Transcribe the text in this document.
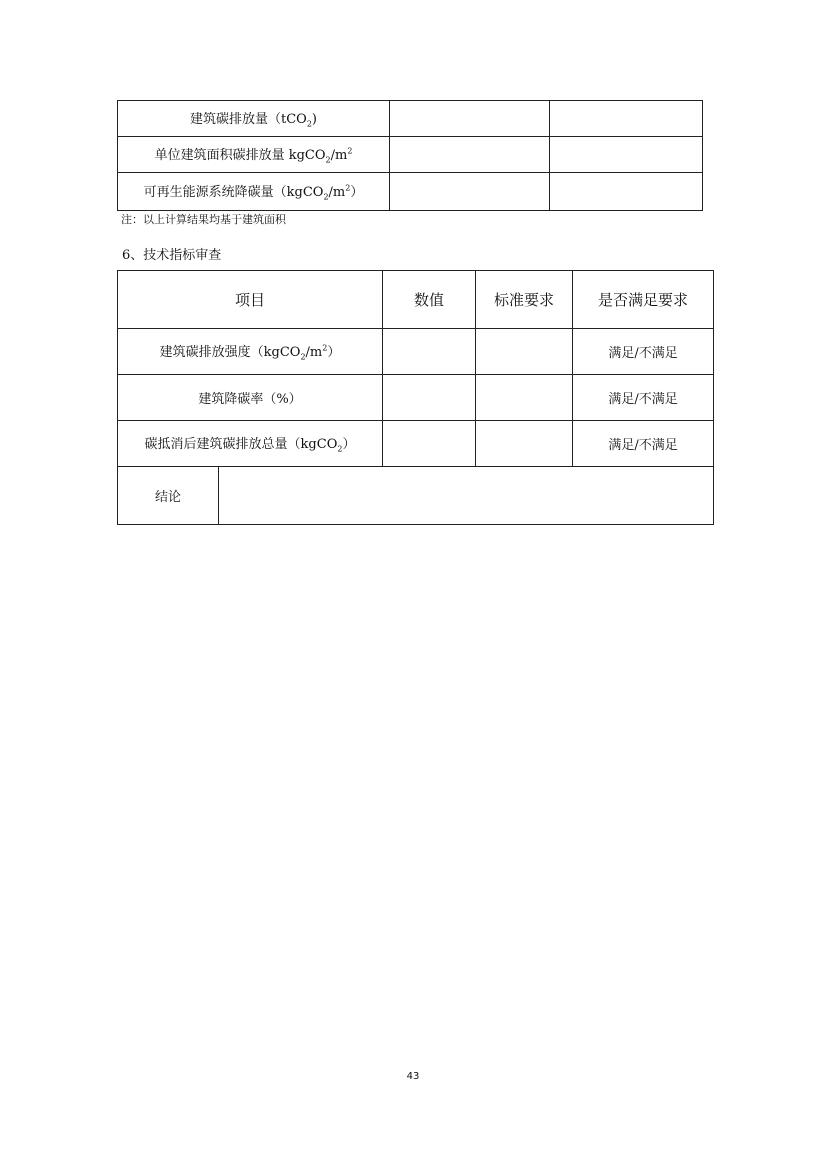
建筑碳排放量（tCO$_2$)		
单位建筑面积碳排放量 $kgCO_2/m^2$		
可再生能源系统降碳量$(kgCO_2/m^2)$		
注：以上计算结果均基于建筑面积
6、技术指标审查
项目		数值	标准要求	是否满足要求
建筑碳排放强度$(kgCO_2/m^2)$				满足/不满足
建筑降碳率（%）				满足/不满足
碳抵消后建筑碳排放总量（kgCO$_2$）				满足/不满足
结论				
43
